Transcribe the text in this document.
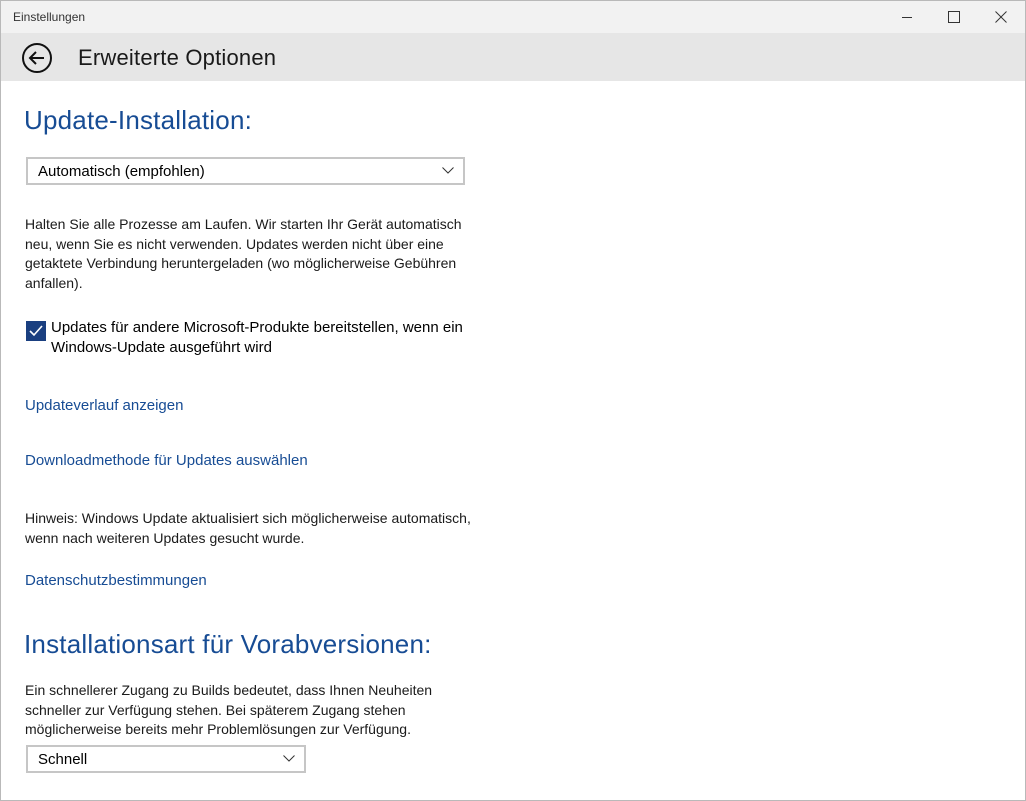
Einstellungen
Erweiterte Optionen
Update-Installation:
Automatisch (empfohlen)

Halten Sie alle Prozesse am Laufen. Wir starten Ihr Gerät automatisch neu, wenn Sie es nicht verwenden. Updates werden nicht über eine getaktete Verbindung heruntergeladen (wo möglicherweise Gebühren anfallen).

Updates für andere Microsoft-Produkte bereitstellen, wenn ein Windows-Update ausgeführt wird
Updateverlauf anzeigen
Downloadmethode für Updates auswählen

Hinweis: Windows Update aktualisiert sich möglicherweise automatisch, wenn nach weiteren Updates gesucht wurde.

Datenschutzbestimmungen
Installationsart für Vorabversionen:

Ein schnellerer Zugang zu Builds bedeutet, dass Ihnen Neuheiten schneller zur Verfügung stehen. Bei späterem Zugang stehen möglicherweise bereits mehr Problemlösungen zur Verfügung.

Schnell
